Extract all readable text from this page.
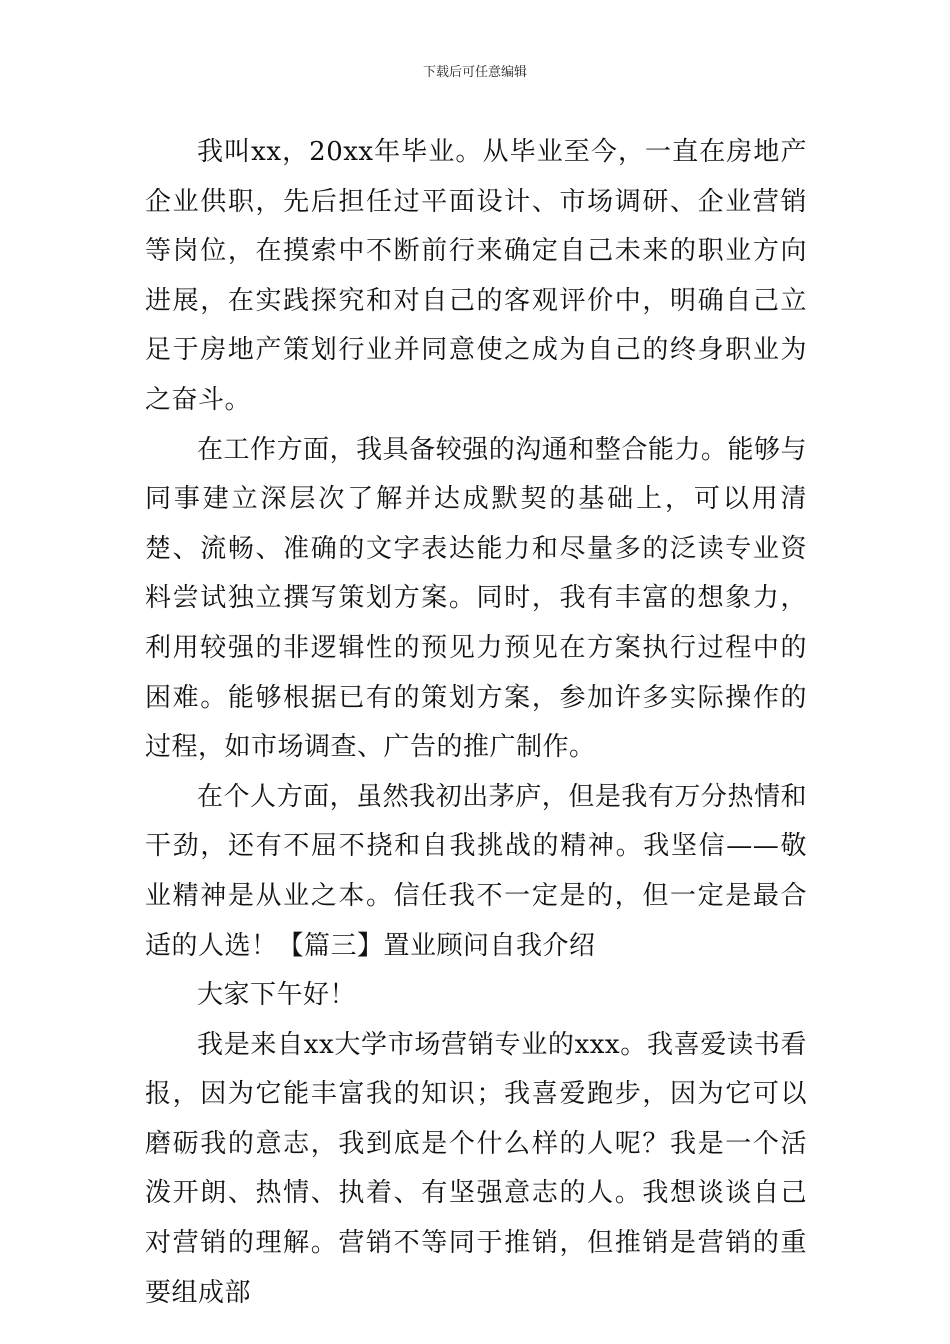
下载后可任意编辑

我叫xx，20xx年毕业。从毕业至今，一直在房地产企业供职，先后担任过平面设计、市场调研、企业营销等岗位，在摸索中不断前行来确定自己未来的职业方向进展，在实践探究和对自己的客观评价中，明确自己立足于房地产策划行业并同意使之成为自己的终身职业为之奋斗。

在工作方面，我具备较强的沟通和整合能力。能够与同事建立深层次了解并达成默契的基础上，可以用清楚、流畅、准确的文字表达能力和尽量多的泛读专业资料尝试独立撰写策划方案。同时，我有丰富的想象力，利用较强的非逻辑性的预见力预见在方案执行过程中的困难。能够根据已有的策划方案，参加许多实际操作的过程，如市场调查、广告的推广制作。

在个人方面，虽然我初出茅庐，但是我有万分热情和干劲，还有不屈不挠和自我挑战的精神。我坚信——敬业精神是从业之本。信任我不一定是的，但一定是最合适的人选！【篇三】置业顾问自我介绍

大家下午好！

我是来自xx大学市场营销专业的xxx。我喜爱读书看报，因为它能丰富我的知识；我喜爱跑步，因为它可以磨砺我的意志，我到底是个什么样的人呢？我是一个活泼开朗、热情、执着、有坚强意志的人。我想谈谈自己对营销的理解。营销不等同于推销，但推销是营销的重要组成部
